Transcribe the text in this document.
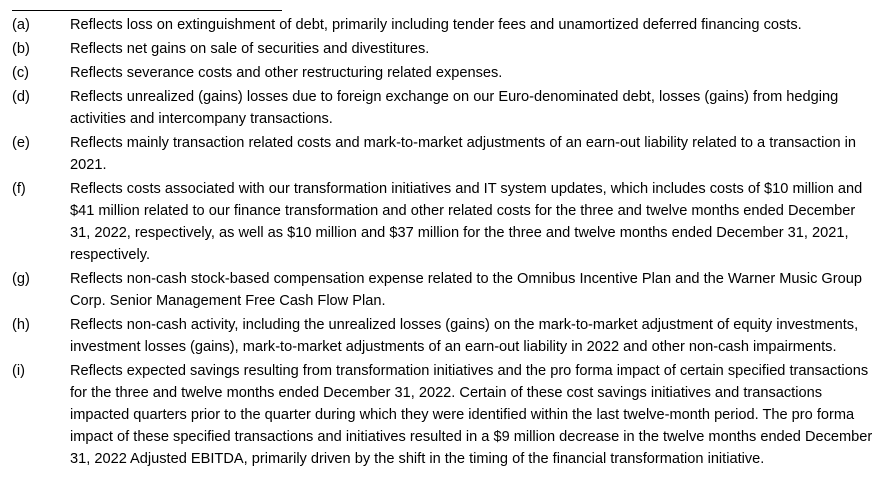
(a)	Reflects loss on extinguishment of debt, primarily including tender fees and unamortized deferred financing costs.
(b)	Reflects net gains on sale of securities and divestitures.
(c)	Reflects severance costs and other restructuring related expenses.
(d)	Reflects unrealized (gains) losses due to foreign exchange on our Euro-denominated debt, losses (gains) from hedging activities and intercompany transactions.
(e)	Reflects mainly transaction related costs and mark-to-market adjustments of an earn-out liability related to a transaction in 2021.
(f)	Reflects costs associated with our transformation initiatives and IT system updates, which includes costs of $10 million and $41 million related to our finance transformation and other related costs for the three and twelve months ended December 31, 2022, respectively, as well as $10 million and $37 million for the three and twelve months ended December 31, 2021, respectively.
(g)	Reflects non-cash stock-based compensation expense related to the Omnibus Incentive Plan and the Warner Music Group Corp. Senior Management Free Cash Flow Plan.
(h)	Reflects non-cash activity, including the unrealized losses (gains) on the mark-to-market adjustment of equity investments, investment losses (gains), mark-to-market adjustments of an earn-out liability in 2022 and other non-cash impairments.
(i)	Reflects expected savings resulting from transformation initiatives and the pro forma impact of certain specified transactions for the three and twelve months ended December 31, 2022. Certain of these cost savings initiatives and transactions impacted quarters prior to the quarter during which they were identified within the last twelve-month period. The pro forma impact of these specified transactions and initiatives resulted in a $9 million decrease in the twelve months ended December 31, 2022 Adjusted EBITDA, primarily driven by the shift in the timing of the financial transformation initiative.
